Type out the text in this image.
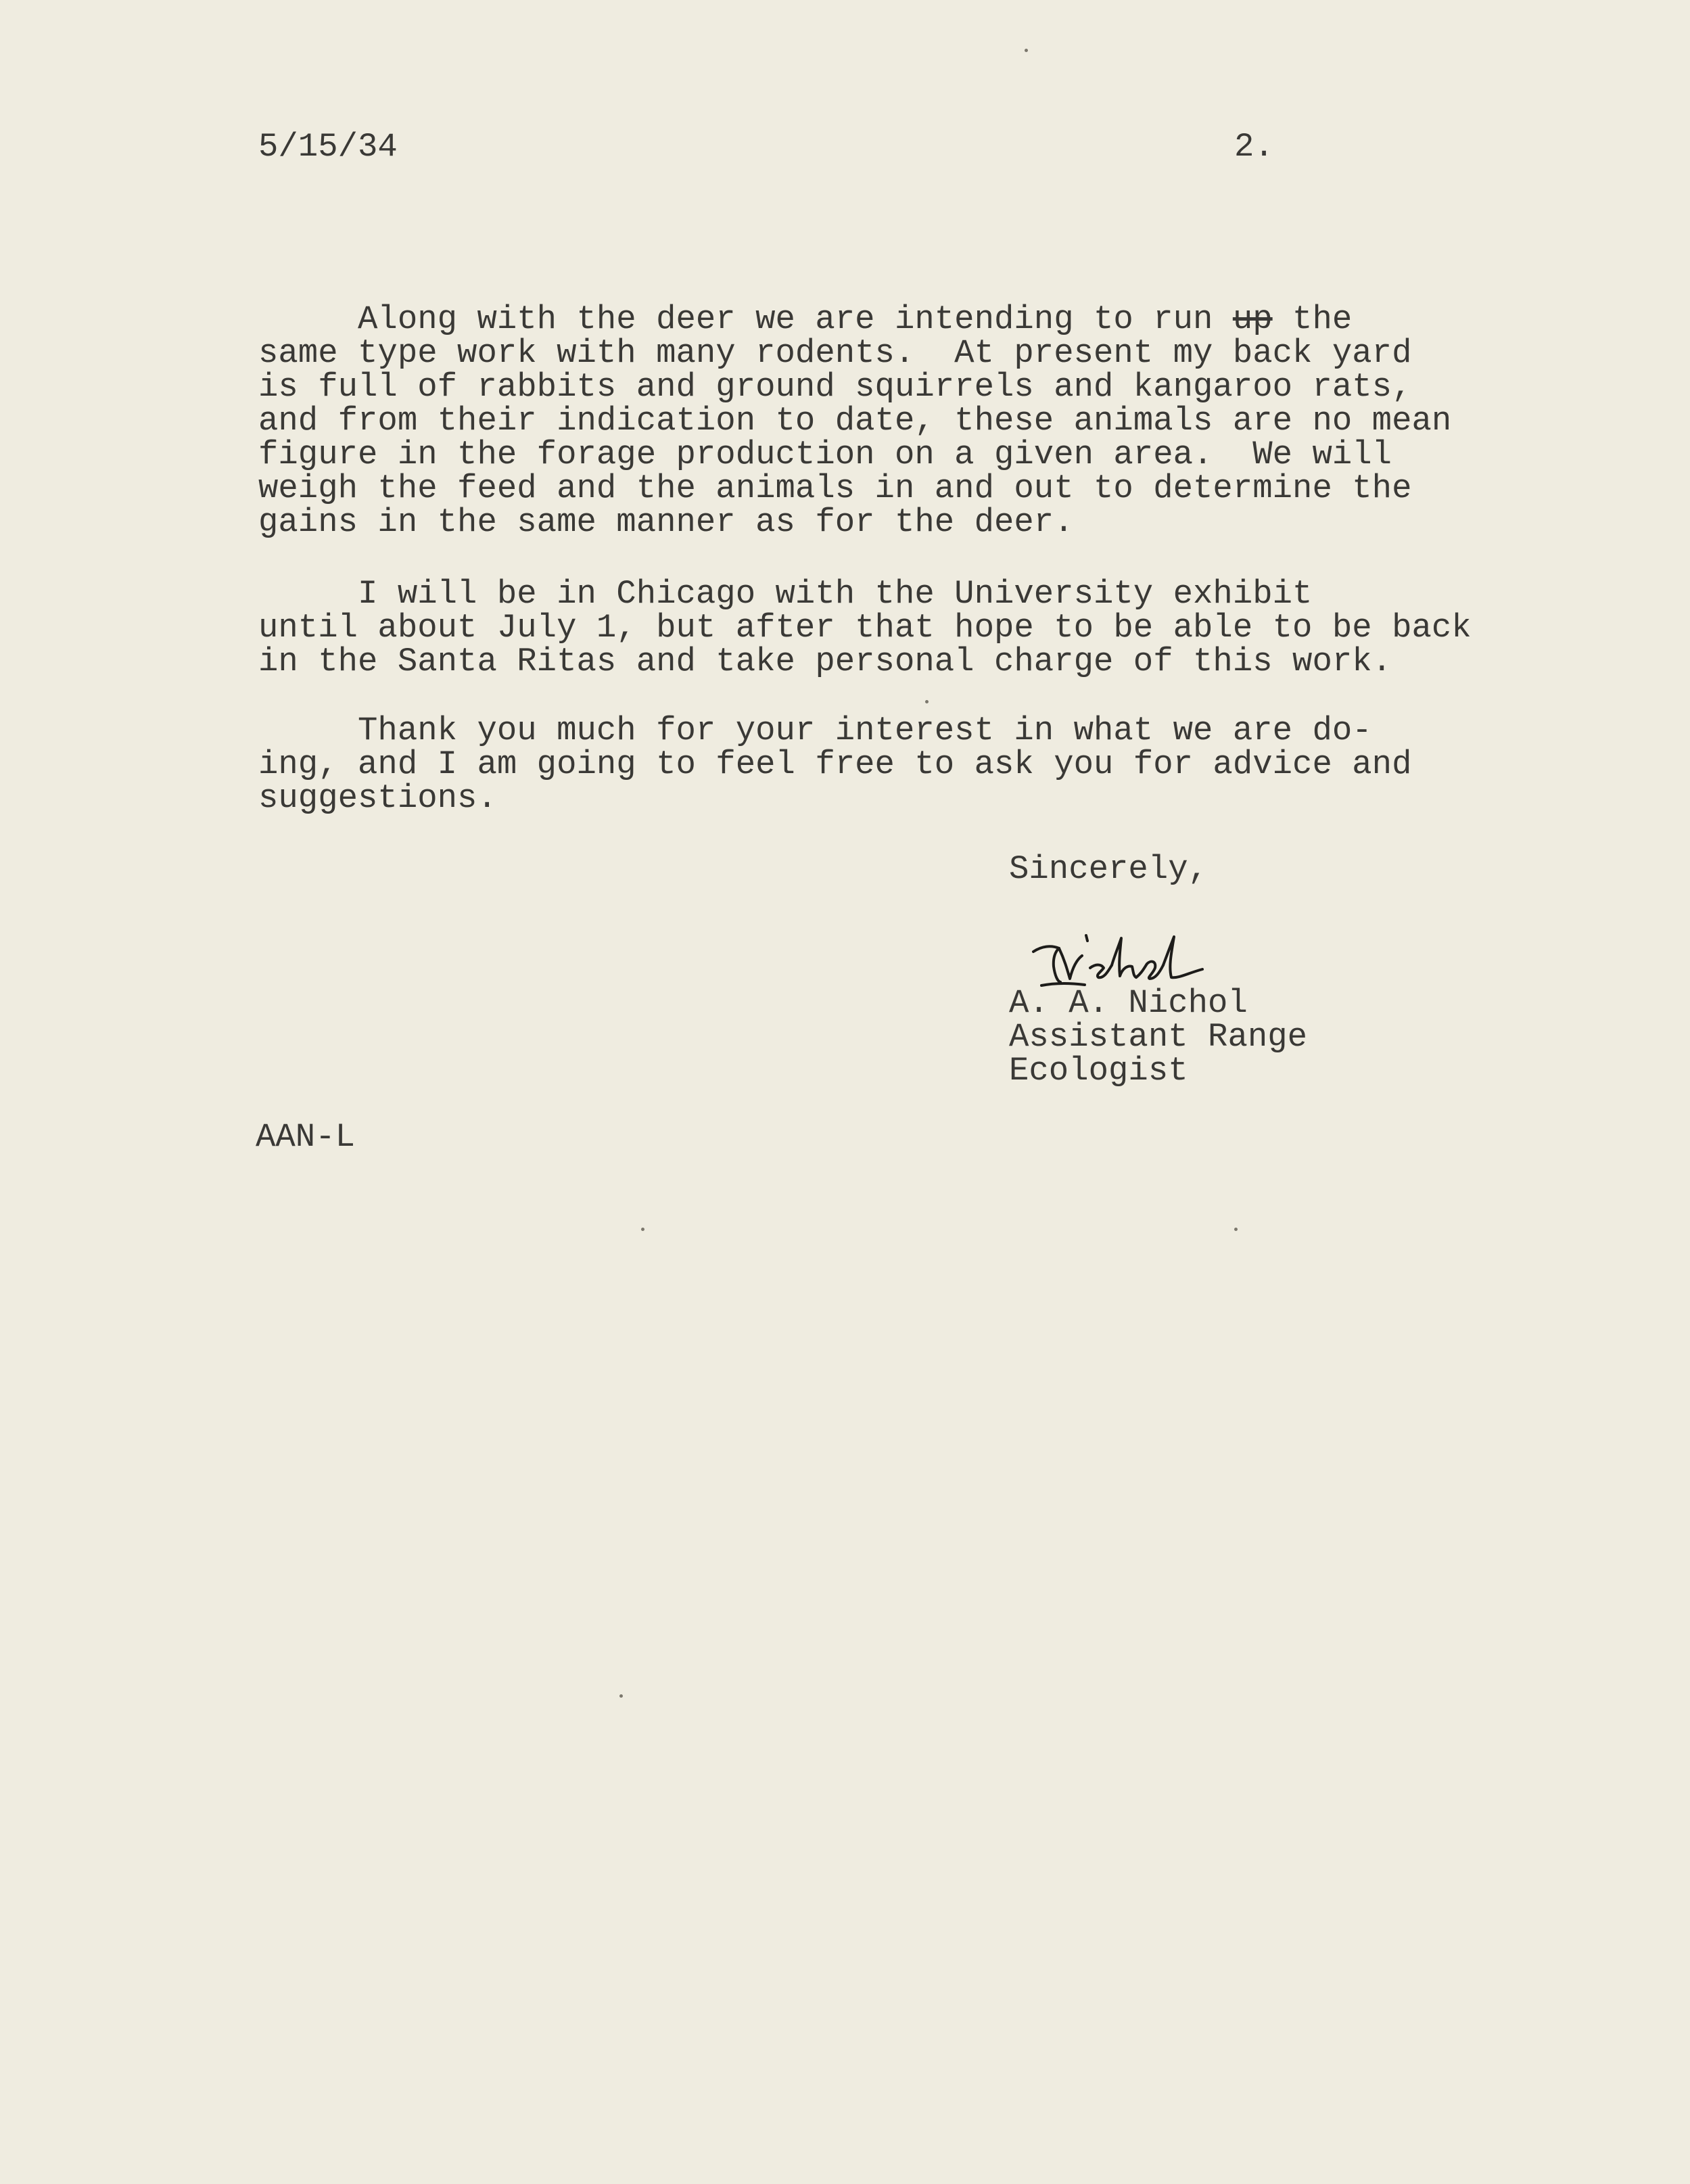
5/15/34	2.
Along with the deer we are intending to run up the
same type work with many rodents.  At present my back yard
is full of rabbits and ground squirrels and kangaroo rats,
and from their indication to date, these animals are no mean
figure in the forage production on a given area.  We will
weigh the feed and the animals in and out to determine the
gains in the same manner as for the deer.
I will be in Chicago with the University exhibit
until about July 1, but after that hope to be able to be back
in the Santa Ritas and take personal charge of this work.
Thank you much for your interest in what we are do-
ing, and I am going to feel free to ask you for advice and
suggestions.
Sincerely,
Nichol
A. A. Nichol
Assistant Range
Ecologist
AAN-L
